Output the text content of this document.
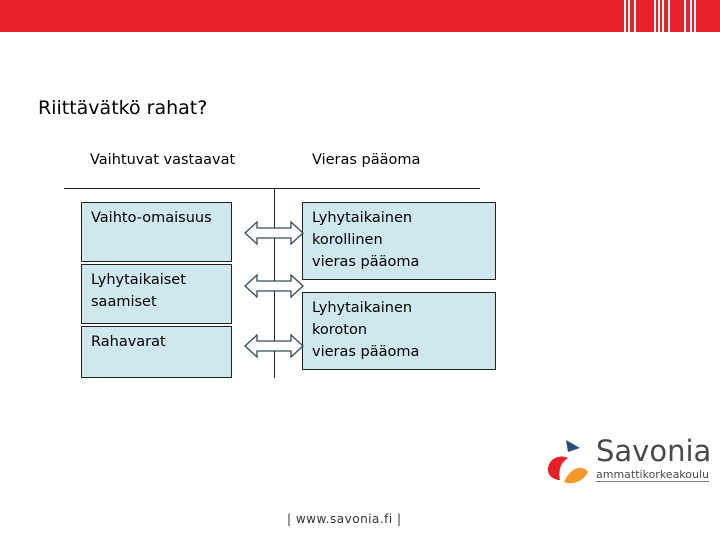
Riittävätkö rahat?
Vaihtuvat vastaavat	Vieras pääoma
Vaihto-omaisuus
Lyhytaikaiset
saamiset
Rahavarat
Lyhytaikainen
korollinen
vieras pääoma
Lyhytaikainen
koroton
vieras pääoma
Savonia
ammattikorkeakoulu
| www.savonia.fi |
